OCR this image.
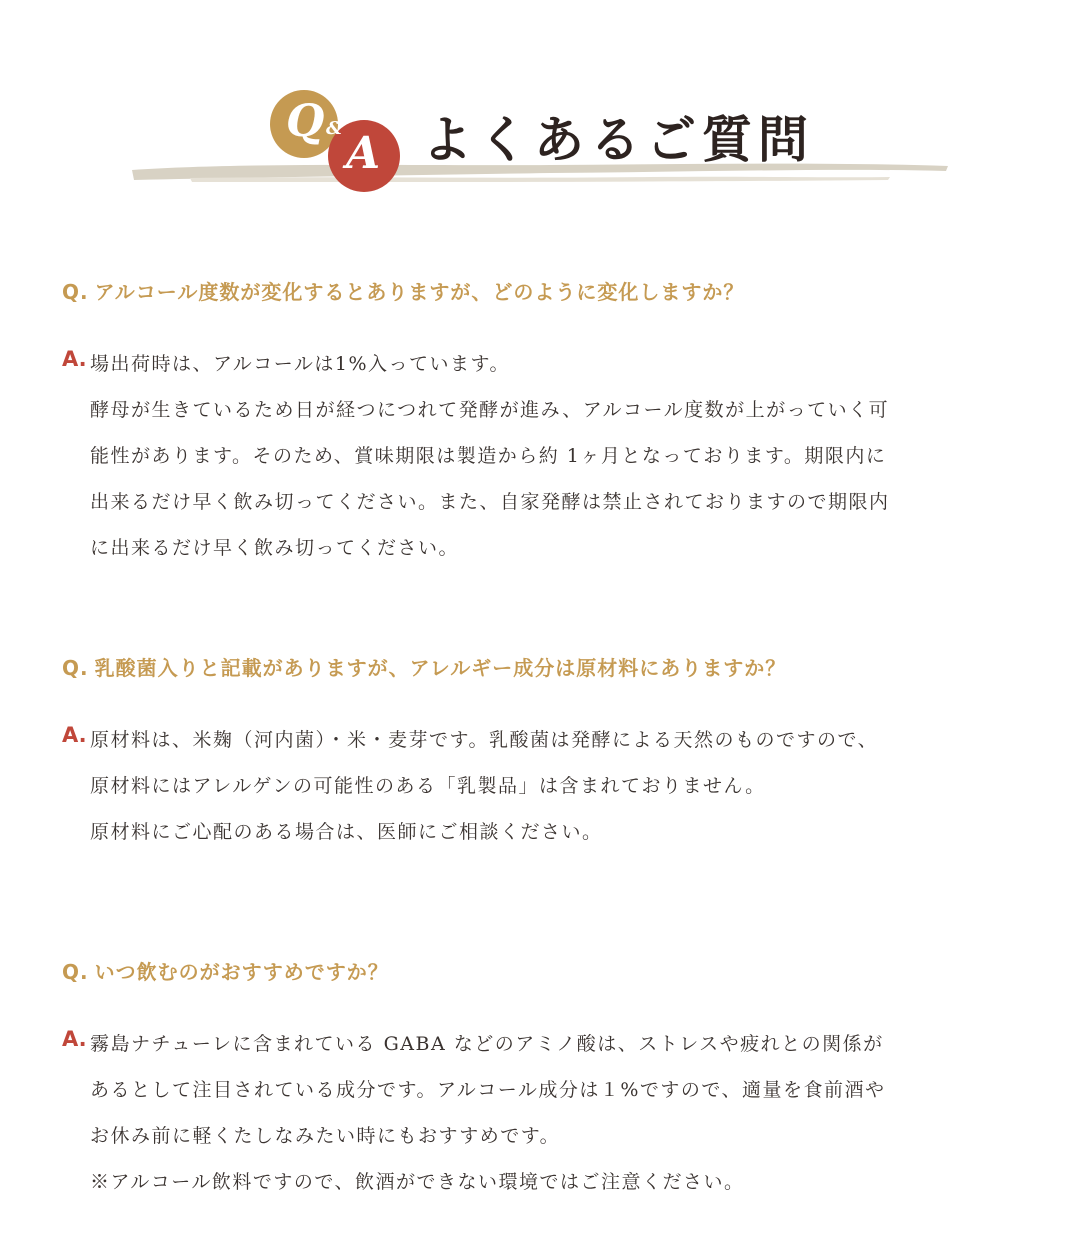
Q & A よくあるご質問
Q. アルコール度数が変化するとありますが、どのように変化しますか？
A. 場出荷時は、アルコールは1%入っています。
酵母が生きているため日が経つにつれて発酵が進み、アルコール度数が上がっていく可
能性があります。そのため、賞味期限は製造から約 1ヶ月となっております。期限内に
出来るだけ早く飲み切ってください。また、自家発酵は禁止されておりますので期限内
に出来るだけ早く飲み切ってください。
Q. 乳酸菌入りと記載がありますが、アレルギー成分は原材料にありますか？
A. 原材料は、米麹（河内菌）・米・麦芽です。乳酸菌は発酵による天然のものですので、
原材料にはアレルゲンの可能性のある「乳製品」は含まれておりません。
原材料にご心配のある場合は、医師にご相談ください。
Q. いつ飲むのがおすすめですか？
A. 霧島ナチューレに含まれている GABA などのアミノ酸は、ストレスや疲れとの関係が
あるとして注目されている成分です。アルコール成分は１%ですので、適量を食前酒や
お休み前に軽くたしなみたい時にもおすすめです。
※アルコール飲料ですので、飲酒ができない環境ではご注意ください。
